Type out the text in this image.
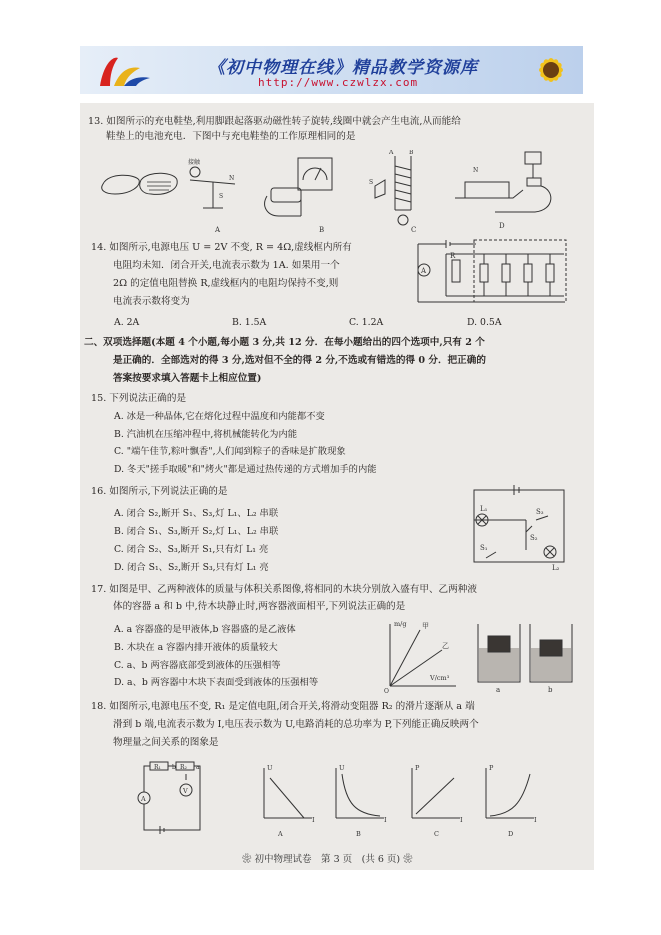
《初中物理在线》精品教学资源库
http://www.czwlzx.com
13. 如图所示的充电鞋垫,利用脚跟起落驱动磁性转子旋转,线圈中就会产生电流,从而能给
鞋垫上的电池充电．下图中与充电鞋垫的工作原理相同的是
接触
S
N
A	B
S
N
A	B	C	D
14. 如图所示,电源电压 U = 2V 不变, R = 4Ω,虚线框内所有
电阻均未知．闭合开关,电流表示数为 1A. 如果用一个
2Ω 的定值电阻替换 R,虚线框内的电阻均保持不变,则
电流表示数将变为
A. 2A	B. 1.5A	C. 1.2A	D. 0.5A
A
R
二、双项选择题(本题 4 个小题,每小题 3 分,共 12 分．在每小题给出的四个选项中,只有 2 个
是正确的．全部选对的得 3 分,选对但不全的得 2 分,不选或有错选的得 0 分．把正确的
答案按要求填入答题卡上相应位置)
15. 下列说法正确的是
A. 冰是一种晶体,它在熔化过程中温度和内能都不变
B. 汽油机在压缩冲程中,将机械能转化为内能
C. "端午佳节,粽叶飘香",人们闻到粽子的香味是扩散现象
D. 冬天"搓手取暖"和"烤火"都是通过热传递的方式增加手的内能
16. 如图所示,下列说法正确的是
A. 闭合 S₂,断开 S₁、S₃,灯 L₁、L₂ 串联
B. 闭合 S₁、S₃,断开 S₂,灯 L₁、L₂ 串联
C. 闭合 S₂、S₃,断开 S₁,只有灯 L₁ 亮
D. 闭合 S₁、S₂,断开 S₃,只有灯 L₁ 亮
L₁
S₂
S₃
S₁
L₂
17. 如图是甲、乙两种液体的质量与体积关系图像,将相同的木块分别放入盛有甲、乙两种液
体的容器 a 和 b 中,待木块静止时,两容器液面相平,下列说法正确的是
A. a 容器盛的是甲液体,b 容器盛的是乙液体
B. 木块在 a 容器内排开液体的质量较大
C. a、b 两容器底部受到液体的压强相等
D. a、b 两容器中木块下表面受到液体的压强相等
m/g
V/cm³
甲
乙
O	a	b
18. 如图所示,电源电压不变, R₁ 是定值电阻,闭合开关,将滑动变阻器 R₂ 的滑片逐渐从 a 端
滑到 b 端,电流表示数为 I,电压表示数为 U,电路消耗的总功率为 P,下列能正确反映两个
物理量之间关系的图象是
R₁	R₂ a
b
A
V
U
I
A
U
I
B
P
I
C
P
I
D
❀ 初中物理试卷　第 3 页　(共 6 页) ❀
